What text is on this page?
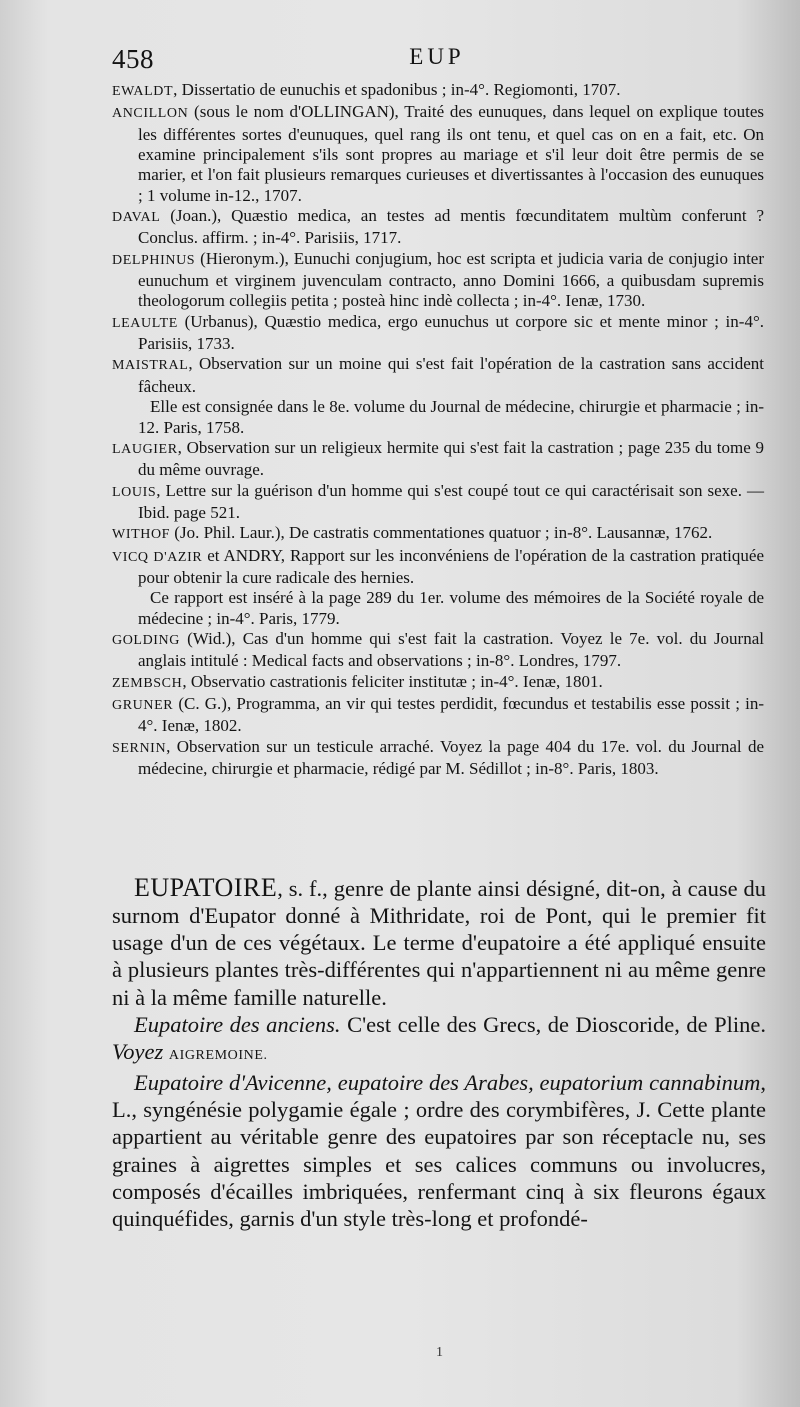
458	EUP

EWALDT, Dissertatio de eunuchis et spadonibus ; in-4°. Regiomonti, 1707.

ANCILLON (sous le nom d'OLLINGAN), Traité des eunuques, dans lequel on explique toutes les différentes sortes d'eunuques, quel rang ils ont tenu, et quel cas on en a fait, etc. On examine principalement s'ils sont propres au mariage et s'il leur doit être permis de se marier, et l'on fait plusieurs remarques curieuses et divertissantes à l'occasion des eunuques ; 1 volume in-12., 1707.

DAVAL (Joan.), Quæstio medica, an testes ad mentis fœcunditatem multùm conferunt ? Conclus. affirm. ; in-4°. Parisiis, 1717.

DELPHINUS (Hieronym.), Eunuchi conjugium, hoc est scripta et judicia varia de conjugio inter eunuchum et virginem juvenculam contracto, anno Domini 1666, a quibusdam supremis theologorum collegiis petita ; posteà hinc indè collecta ; in-4°. Ienæ, 1730.

LEAULTE (Urbanus), Quæstio medica, ergo eunuchus ut corpore sic et mente minor ; in-4°. Parisiis, 1733.

MAISTRAL, Observation sur un moine qui s'est fait l'opération de la castration sans accident fâcheux.

Elle est consignée dans le 8e. volume du Journal de médecine, chirurgie et pharmacie ; in-12. Paris, 1758.

LAUGIER, Observation sur un religieux hermite qui s'est fait la castration ; page 235 du tome 9 du même ouvrage.

LOUIS, Lettre sur la guérison d'un homme qui s'est coupé tout ce qui caractérisait son sexe. — Ibid. page 521.

WITHOF (Jo. Phil. Laur.), De castratis commentationes quatuor ; in-8°. Lausannæ, 1762.

VICQ D'AZIR et ANDRY, Rapport sur les inconvéniens de l'opération de la castration pratiquée pour obtenir la cure radicale des hernies.

Ce rapport est inséré à la page 289 du 1er. volume des mémoires de la Société royale de médecine ; in-4°. Paris, 1779.

GOLDING (Wid.), Cas d'un homme qui s'est fait la castration. Voyez le 7e. vol. du Journal anglais intitulé : Medical facts and observations ; in-8°. Londres, 1797.

ZEMBSCH, Observatio castrationis feliciter institutæ ; in-4°. Ienæ, 1801.

GRUNER (C. G.), Programma, an vir qui testes perdidit, fœcundus et testabilis esse possit ; in-4°. Ienæ, 1802.

SERNIN, Observation sur un testicule arraché. Voyez la page 404 du 17e. vol. du Journal de médecine, chirurgie et pharmacie, rédigé par M. Sédillot ; in-8°. Paris, 1803.

EUPATOIRE, s. f., genre de plante ainsi désigné, dit-on, à cause du surnom d'Eupator donné à Mithridate, roi de Pont, qui le premier fit usage d'un de ces végétaux. Le terme d'eupatoire a été appliqué ensuite à plusieurs plantes très-différentes qui n'appartiennent ni au même genre ni à la même famille naturelle.

Eupatoire des anciens. C'est celle des Grecs, de Dioscoride, de Pline. Voyez AIGREMOINE.

Eupatoire d'Avicenne, eupatoire des Arabes, eupatorium cannabinum, L., syngénésie polygamie égale ; ordre des corymbifères, J. Cette plante appartient au véritable genre des eupatoires par son réceptacle nu, ses graines à aigrettes simples et ses calices communs ou involucres, composés d'écailles imbriquées, renfermant cinq à six fleurons égaux quinquéfides, garnis d'un style très-long et profondé-

1
